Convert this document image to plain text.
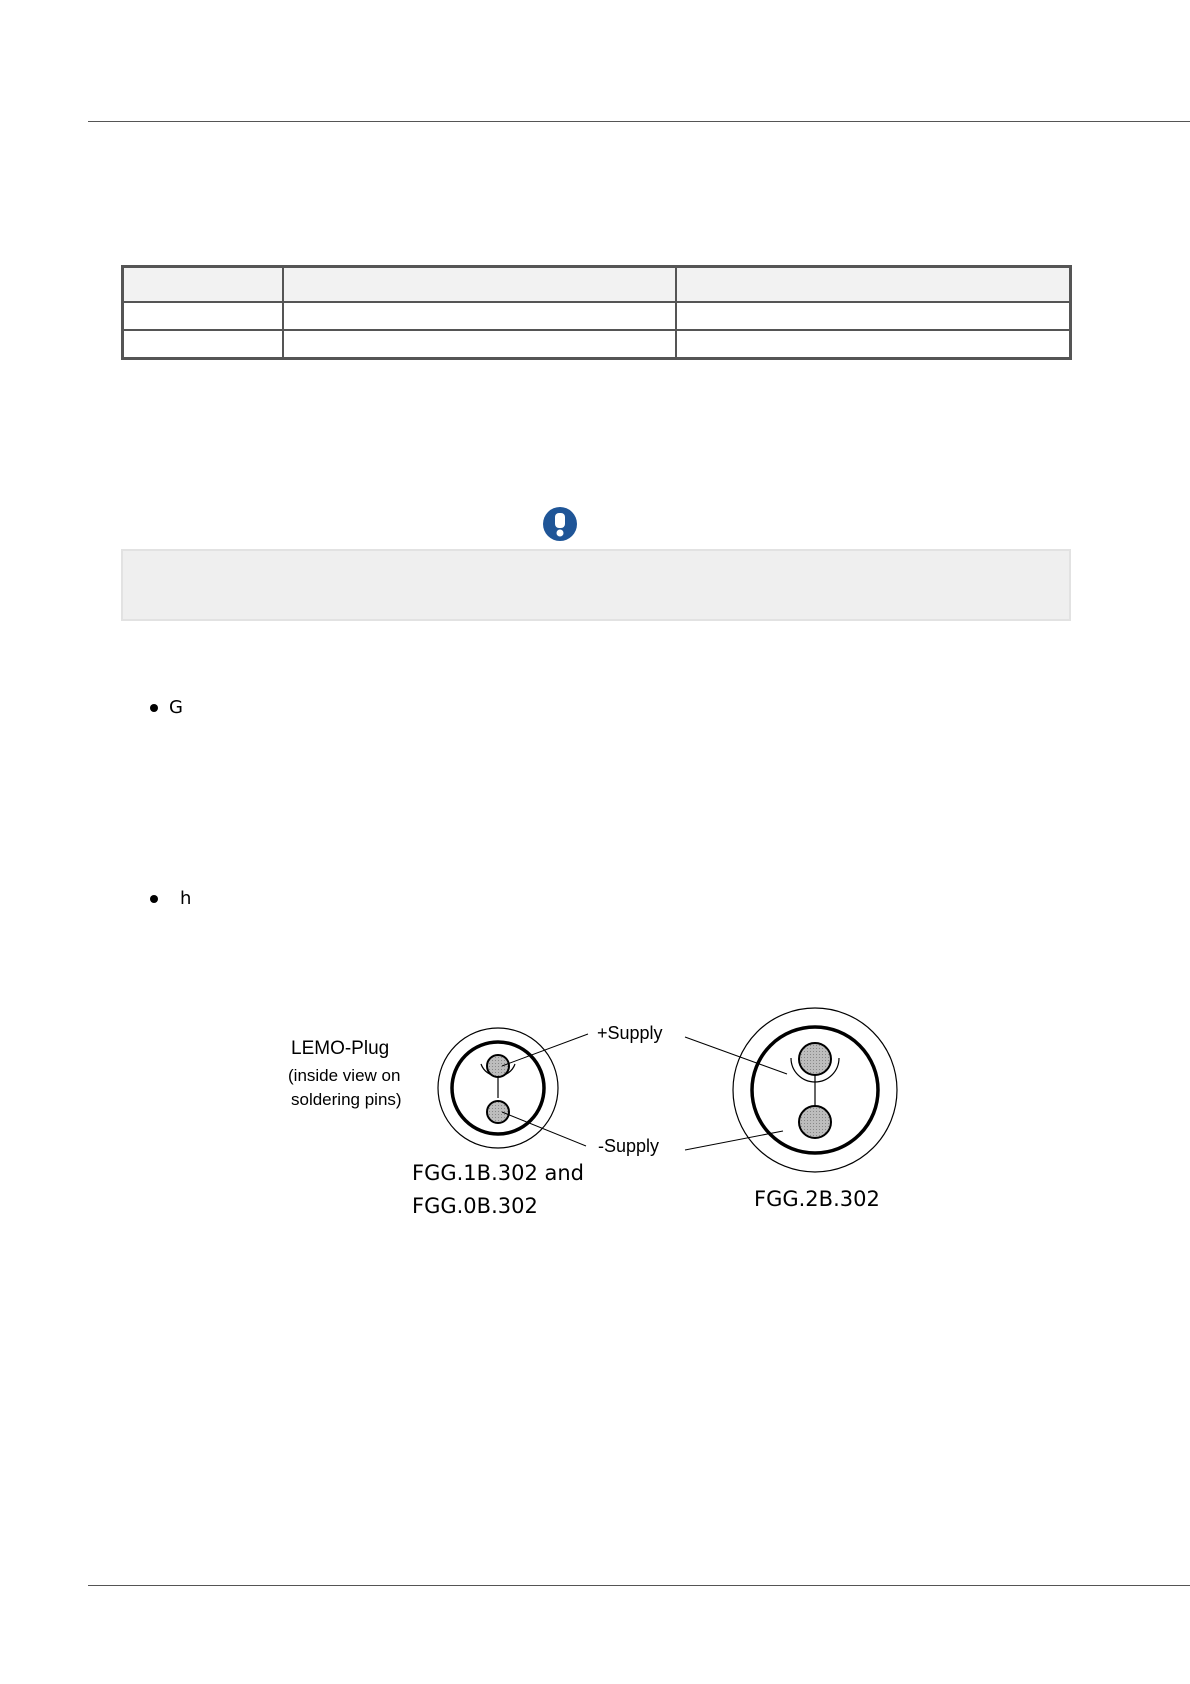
G
h
LEMO-Plug
(inside view on
soldering pins)
+Supply
-Supply
FGG.1B.302 and
FGG.0B.302	FGG.2B.302
